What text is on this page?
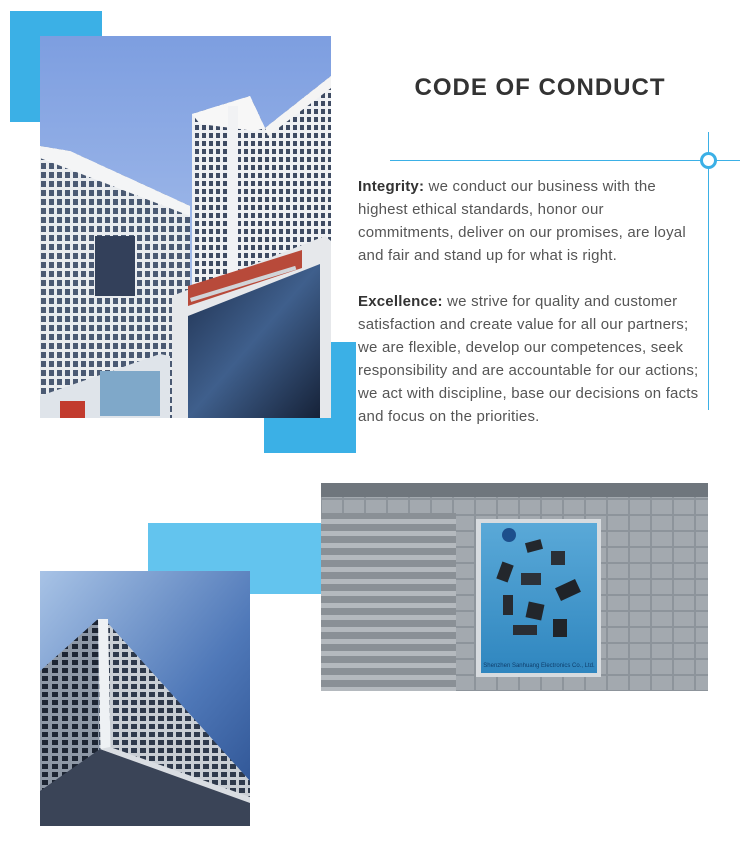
Shenzhen Sanhuang Electronics Co., Ltd.
CODE OF CONDUCT

Integrity: we conduct our business with the highest ethical standards, honor our commitments, deliver on our promises, are loyal and fair and stand up for what is right.

Excellence: we strive for quality and customer satisfaction and create value for all our partners; we are flexible, develop our competences, seek responsibility and are accountable for our actions; we act with discipline, base our decisions on facts and focus on the priorities.
